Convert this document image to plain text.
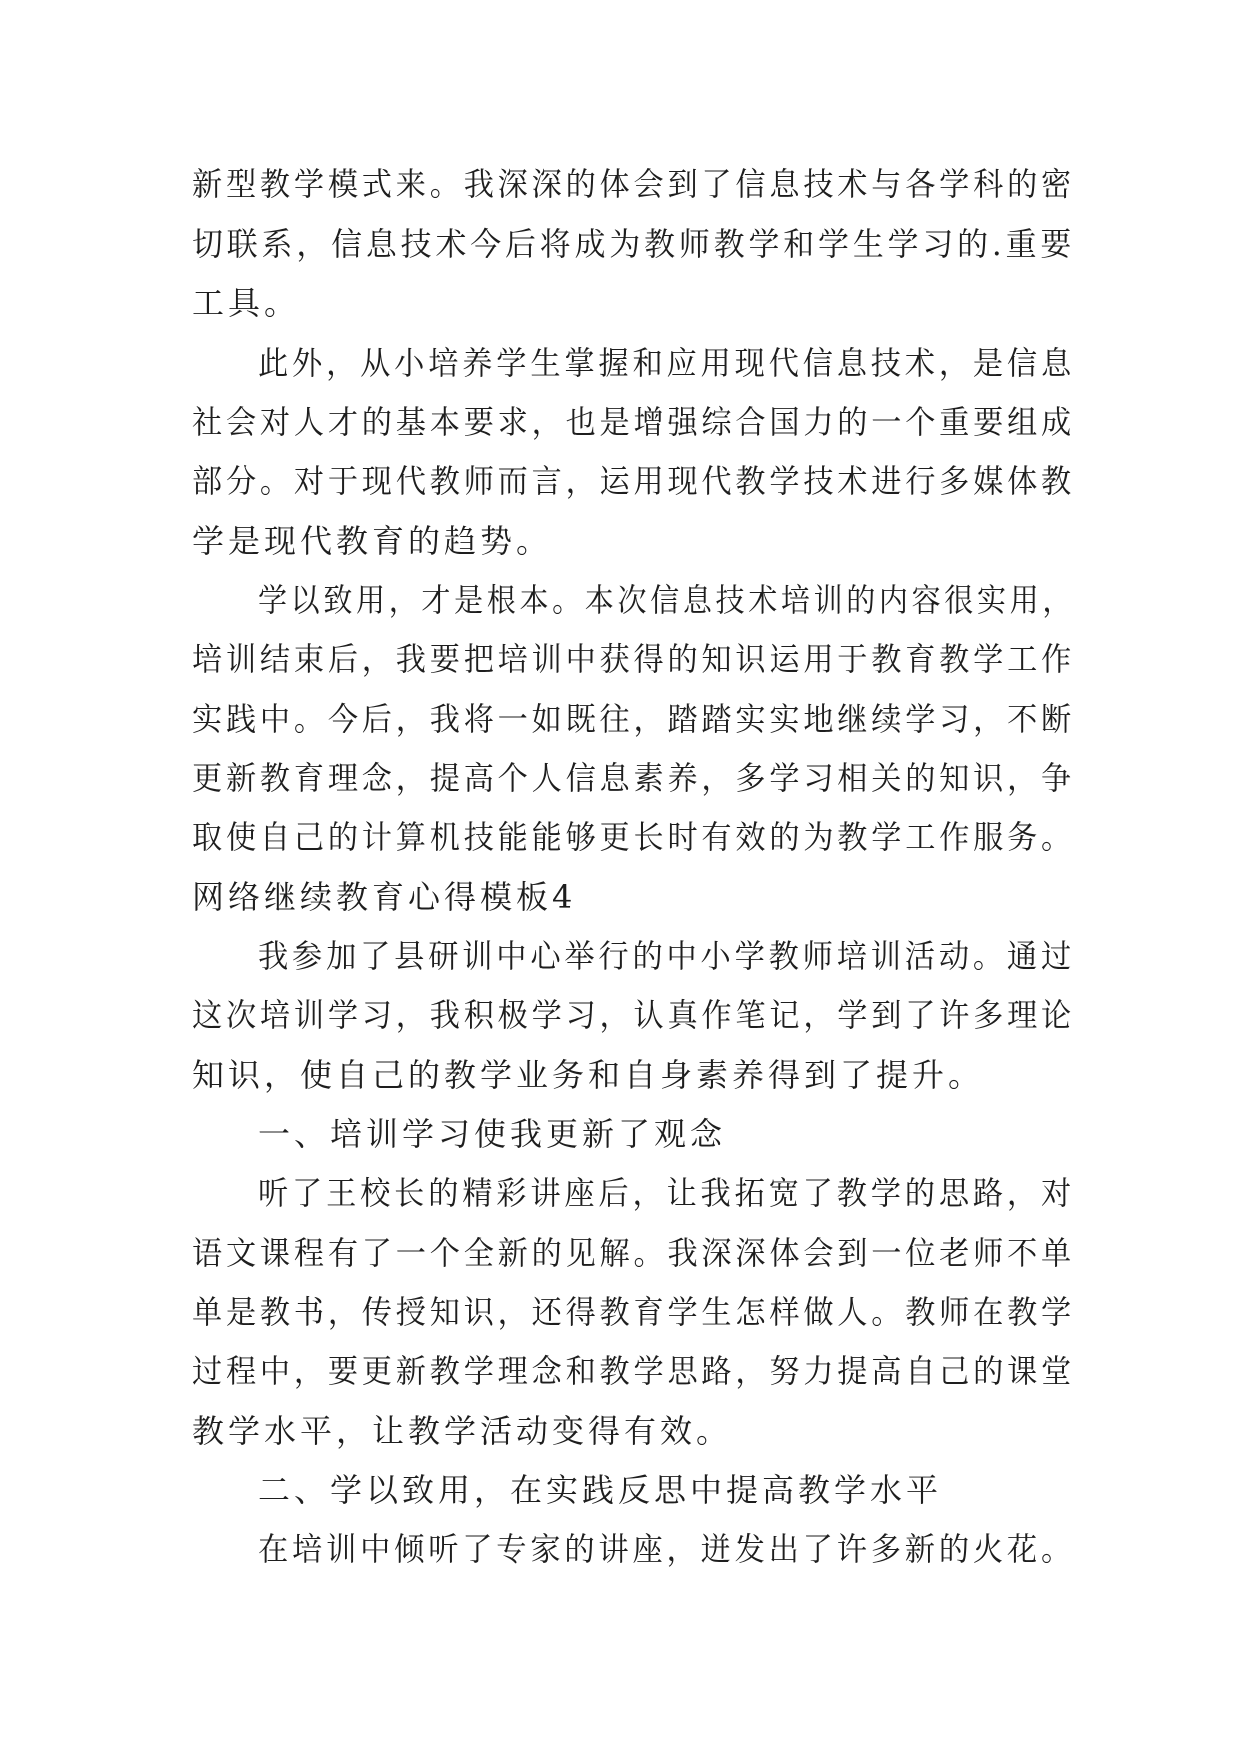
新型教学模式来。我深深的体会到了信息技术与各学科的密
切联系，信息技术今后将成为教师教学和学生学习的.重要
工具。
此外，从小培养学生掌握和应用现代信息技术，是信息
社会对人才的基本要求，也是增强综合国力的一个重要组成
部分。对于现代教师而言，运用现代教学技术进行多媒体教
学是现代教育的趋势。
学以致用，才是根本。本次信息技术培训的内容很实用，
培训结束后，我要把培训中获得的知识运用于教育教学工作
实践中。今后，我将一如既往，踏踏实实地继续学习，不断
更新教育理念，提高个人信息素养，多学习相关的知识，争
取使自己的计算机技能能够更长时有效的为教学工作服务。
网络继续教育心得模板4
我参加了县研训中心举行的中小学教师培训活动。通过
这次培训学习，我积极学习，认真作笔记，学到了许多理论
知识，使自己的教学业务和自身素养得到了提升。
一、培训学习使我更新了观念
听了王校长的精彩讲座后，让我拓宽了教学的思路，对
语文课程有了一个全新的见解。我深深体会到一位老师不单
单是教书，传授知识，还得教育学生怎样做人。教师在教学
过程中，要更新教学理念和教学思路，努力提高自己的课堂
教学水平，让教学活动变得有效。
二、学以致用，在实践反思中提高教学水平
在培训中倾听了专家的讲座，迸发出了许多新的火花。
